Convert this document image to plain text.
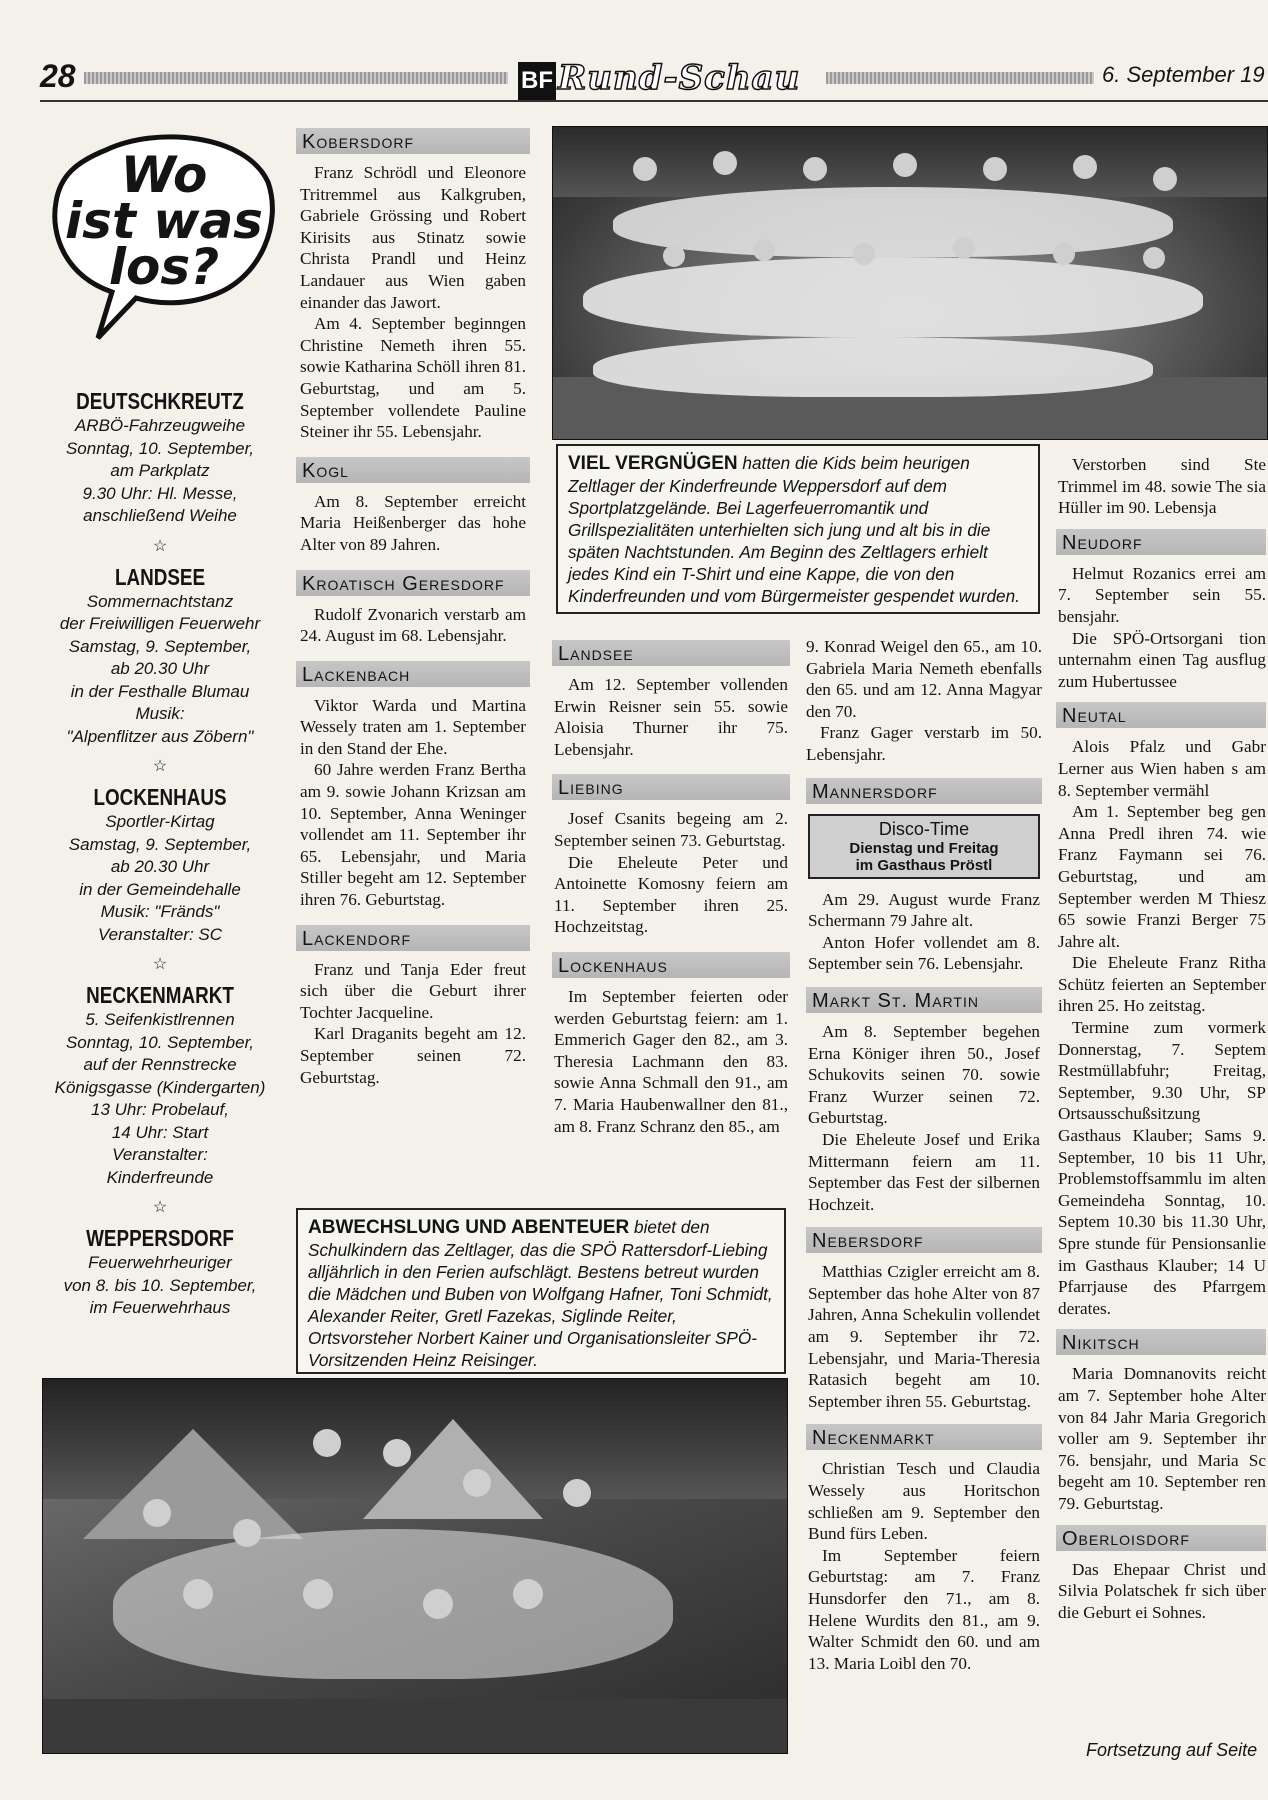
28	BF Rund-Schau	6. September 19
Wo
ist was
los?
DEUTSCHKREUTZ
ARBÖ-Fahrzeugweihe
Sonntag, 10. September,
am Parkplatz
9.30 Uhr: Hl. Messe,
anschließend Weihe
☆
LANDSEE
Sommernachtstanz
der Freiwilligen Feuerwehr
Samstag, 9. September,
ab 20.30 Uhr
in der Festhalle Blumau
Musik:
"Alpenflitzer aus Zöbern"
☆
LOCKENHAUS
Sportler-Kirtag
Samstag, 9. September,
ab 20.30 Uhr
in der Gemeindehalle
Musik: "Fränds"
Veranstalter: SC
☆
NECKENMARKT
5. Seifenkistlrennen
Sonntag, 10. September,
auf der Rennstrecke
Königsgasse (Kindergarten)
13 Uhr: Probelauf,
14 Uhr: Start
Veranstalter:
Kinderfreunde
☆
WEPPERSDORF
Feuerwehrheuriger
von 8. bis 10. September,
im Feuerwehrhaus
Kobersdorf

Franz Schrödl und Eleonore Tritremmel aus Kalkgruben, Gabriele Grössing und Robert Kirisits aus Stinatz sowie Christa Prandl und Heinz Landauer aus Wien gaben einander das Jawort.

Am 4. September beginngen Christine Nemeth ihren 55. sowie Katharina Schöll ihren 81. Geburtstag, und am 5. September vollendete Pauline Steiner ihr 55. Lebensjahr.

Kogl

Am 8. September erreicht Maria Heißenberger das hohe Alter von 89 Jahren.

Kroatisch Geresdorf

Rudolf Zvonarich verstarb am 24. August im 68. Lebensjahr.

Lackenbach

Viktor Warda und Martina Wessely traten am 1. September in den Stand der Ehe.

60 Jahre werden Franz Bertha am 9. sowie Johann Krizsan am 10. September, Anna Weninger vollendet am 11. September ihr 65. Lebensjahr, und Maria Stiller begeht am 12. September ihren 76. Geburtstag.

Lackendorf

Franz und Tanja Eder freut sich über die Geburt ihrer Tochter Jacqueline.

Karl Draganits begeht am 12. September seinen 72. Geburtstag.

VIEL VERGNÜGEN hatten die Kids beim heurigen Zeltlager der Kinderfreunde Weppersdorf auf dem Sportplatzgelände. Bei Lagerfeuerromantik und Grillspezialitäten unterhielten sich jung und alt bis in die späten Nachtstunden. Am Beginn des Zeltlagers erhielt jedes Kind ein T-Shirt und eine Kappe, die von den Kinderfreunden und vom Bürgermeister gespendet wurden.
Landsee

Am 12. September vollenden Erwin Reisner sein 55. sowie Aloisia Thurner ihr 75. Lebensjahr.

Liebing

Josef Csanits begeing am 2. September seinen 73. Geburtstag.

Die Eheleute Peter und Antoinette Komosny feiern am 11. September ihren 25. Hochzeitstag.

Lockenhaus

Im September feierten oder werden Geburtstag feiern: am 1. Emmerich Gager den 82., am 3. Theresia Lachmann den 83. sowie Anna Schmall den 91., am 7. Maria Haubenwallner den 81., am 8. Franz Schranz den 85., am

9. Konrad Weigel den 65., am 10. Gabriela Maria Nemeth ebenfalls den 65. und am 12. Anna Magyar den 70.

Franz Gager verstarb im 50. Lebensjahr.

Mannersdorf
Disco-Time
Dienstag und Freitag
im Gasthaus Pröstl

Am 29. August wurde Franz Schermann 79 Jahre alt.

Anton Hofer vollendet am 8. September sein 76. Lebensjahr.

Markt St. Martin

Am 8. September begehen Erna Königer ihren 50., Josef Schukovits seinen 70. sowie Franz Wurzer seinen 72. Geburtstag.

Die Eheleute Josef und Erika Mittermann feiern am 11. September das Fest der silbernen Hochzeit.

Nebersdorf

Matthias Czigler erreicht am 8. September das hohe Alter von 87 Jahren, Anna Schekulin vollendet am 9. September ihr 72. Lebensjahr, und Maria-Theresia Ratasich begeht am 10. September ihren 55. Geburtstag.

Neckenmarkt

Christian Tesch und Claudia Wessely aus Horitschon schließen am 9. September den Bund fürs Leben.

Im September feiern Geburtstag: am 7. Franz Hunsdorfer den 71., am 8. Helene Wurdits den 81., am 9. Walter Schmidt den 60. und am 13. Maria Loibl den 70.

Verstorben sind Ste Trimmel im 48. sowie The sia Hüller im 90. Lebensja

Neudorf

Helmut Rozanics errei am 7. September sein 55. bensjahr.

Die SPÖ-Ortsorgani tion unternahm einen Tag ausflug zum Hubertussee

Neutal

Alois Pfalz und Gabr Lerner aus Wien haben s am 8. September vermähl

Am 1. September beg gen Anna Predl ihren 74. wie Franz Faymann sei 76. Geburtstag, und am September werden M Thiesz 65 sowie Franzi Berger 75 Jahre alt.

Die Eheleute Franz Ritha Schütz feierten an September ihren 25. Ho zeitstag.

Termine zum vormerk Donnerstag, 7. Septem Restmüllabfuhr; Freitag, September, 9.30 Uhr, SP Ortsausschußsitzung Gasthaus Klauber; Sams 9. September, 10 bis 11 Uhr, Problemstoffsammlu im alten Gemeindeha Sonntag, 10. Septem 10.30 bis 11.30 Uhr, Spre stunde für Pensionsanlie im Gasthaus Klauber; 14 U Pfarrjause des Pfarrgem derates.

Nikitsch

Maria Domnanovits reicht am 7. September hohe Alter von 84 Jahr Maria Gregorich voller am 9. September ihr 76. bensjahr, und Maria Sc begeht am 10. September ren 79. Geburtstag.

Oberloisdorf

Das Ehepaar Christ und Silvia Polatschek fr sich über die Geburt ei Sohnes.

Fortsetzung auf Seite
ABWECHSLUNG UND ABENTEUER bietet den Schulkindern das Zeltlager, das die SPÖ Rattersdorf-Liebing alljährlich in den Ferien aufschlägt. Bestens betreut wurden die Mädchen und Buben von Wolfgang Hafner, Toni Schmidt, Alexander Reiter, Gretl Fazekas, Siglinde Reiter, Ortsvorsteher Norbert Kainer und Organisationsleiter SPÖ-Vorsitzenden Heinz Reisinger.
